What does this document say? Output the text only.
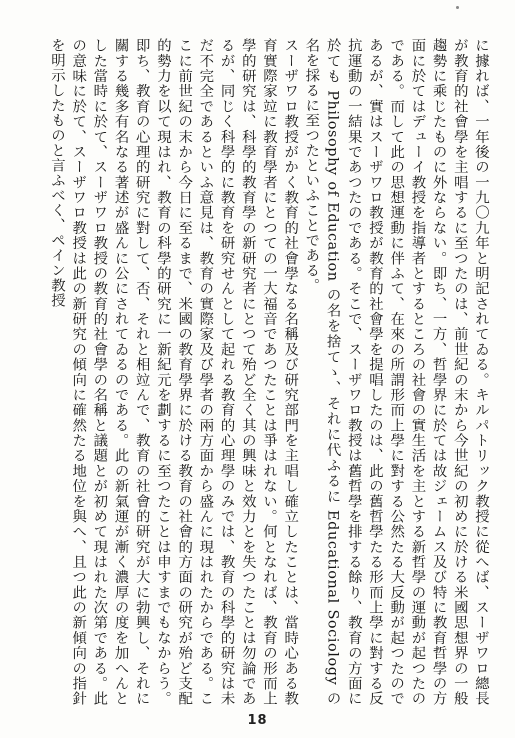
に據れば、一年後の一九〇九年と明記されてゐる。キルパトリック教授に從へば、スーザワロ總長が教育的社會學を主唱するに至つたのは、前世紀の末から今世紀の初めに於ける米國思想界の一般趨勢に乘じたものに外ならない。即ち、一方、哲學界に於ては故ジェームス及び特に教育哲學の方面に於てはデューイ教授を指導者とするところの社會の實生活を主とする新哲學の運動が起つたのである。而して此の思想運動に伴ふて、在來の所謂形而上學に對する公然たる大反動が起つたのであるが、實はスーザワロ教授が教育的社會學を提唱したのは、此の舊哲學たる形而上學に對する反抗運動の一結果であつたのである。そこで、スーザワロ教授は舊哲學を排する餘り、教育の方面に於ても Philosophy of Education の名を捨てゝ、それに代ふるに Educational Sociology の名を採るに至つたといふことである。

スーザワロ教授がかく教育的社會學なる名稱及び研究部門を主唱し確立したことは、當時心ある教育實際家竝に教育學者にとつての一大福音であつたことは爭はれない。何となれば、教育の形而上學的研究は、科學的教育學の新研究者にとつて殆ど全く其の興味と效力とを失つたことは勿論であるが、同じく科學的に教育を研究せんとして起れる教育的心理學のみでは、教育の科學的研究は未だ不完全であるといふ意見は、教育の實際家及び學者の兩方面から盛んに現はれたからである。ここに前世紀の末から今日に至るまで、米國の教育學界に於ける教育の社會的方面の研究が殆ど支配的勢力を以て現はれ、教育の科學的研究に一新紀元を劃するに至つたことは申すまでもなからう。即ち、教育の心理的研究に對して、否、それと相竝んで、教育の社會的研究が大に勃興し、それに關する幾多有名なる著述が盛んに公にされてゐるのである。此の新氣運が漸く濃厚の度を加へんとした當時に於て、スーザワロ教授の教育的社會學の名稱と議題とが初めて現はれた次第である。此の意味に於て、スーザワロ教授は此の新研究の傾向に確然たる地位を與へ、且つ此の新傾向の指針を明示したものと言ふべく、ペイン教授

18
